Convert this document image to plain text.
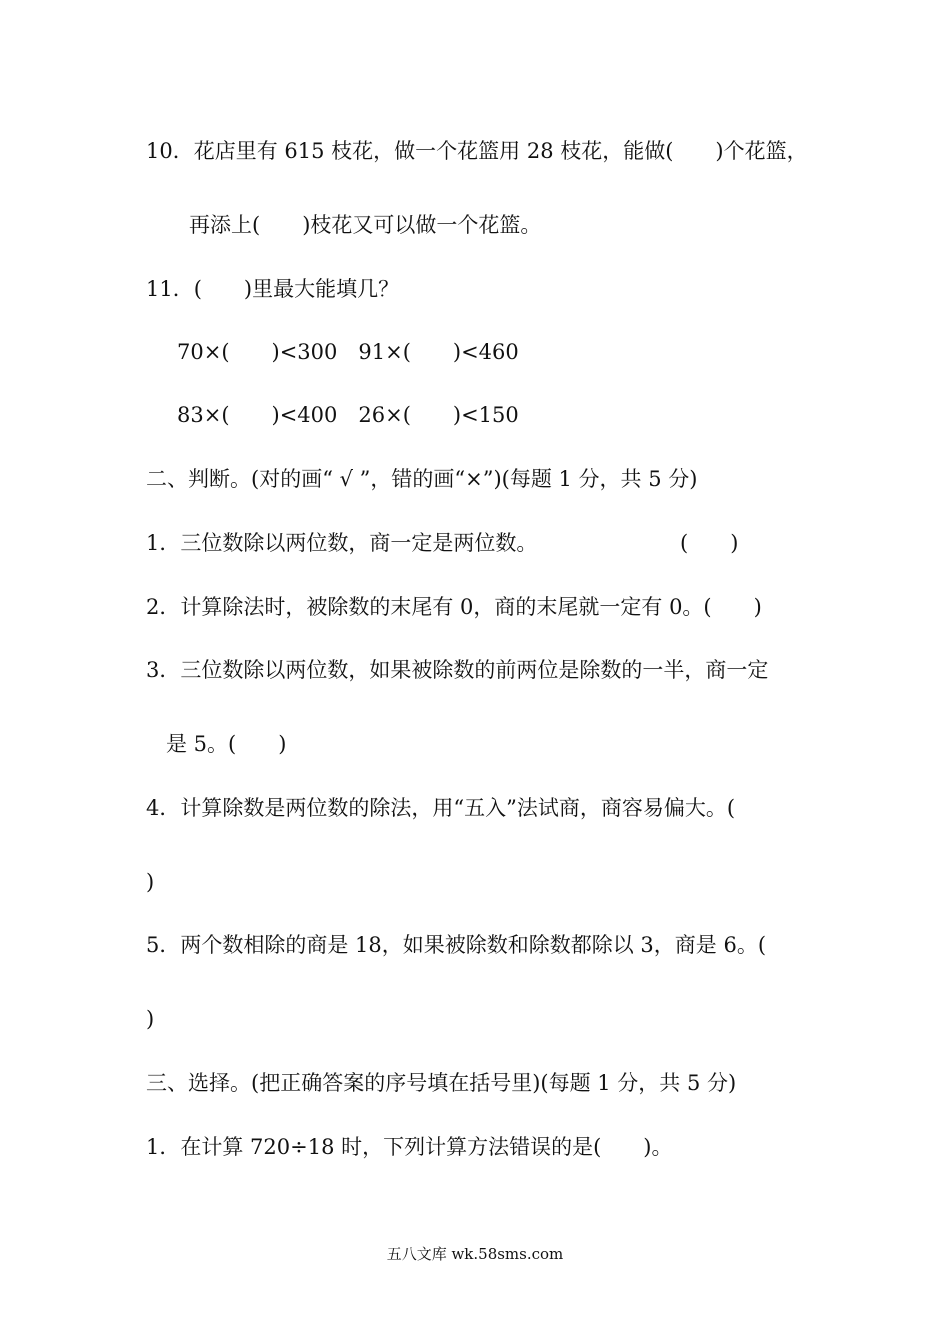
10．花店里有 615 枝花，做一个花篮用 28 枝花，能做(　　)个花篮，
再添上(　　)枝花又可以做一个花篮。
11．(　　)里最大能填几？
70×(　　)<300　91×(　　)<460
83×(　　)<400　26×(　　)<150
二、判断。(对的画“ √ ”，错的画“×”)(每题 1 分，共 5 分)
1．三位数除以两位数，商一定是两位数。	(　　)
2．计算除法时，被除数的末尾有 0，商的末尾就一定有 0。(　　)
3．三位数除以两位数，如果被除数的前两位是除数的一半，商一定
是 5。(　　)
4．计算除数是两位数的除法，用“五入”法试商，商容易偏大。(
)
5．两个数相除的商是 18，如果被除数和除数都除以 3，商是 6。(
)
三、选择。(把正确答案的序号填在括号里)(每题 1 分，共 5 分)
1．在计算 720÷18 时，下列计算方法错误的是(　　)。
五八文库 wk.58sms.com
